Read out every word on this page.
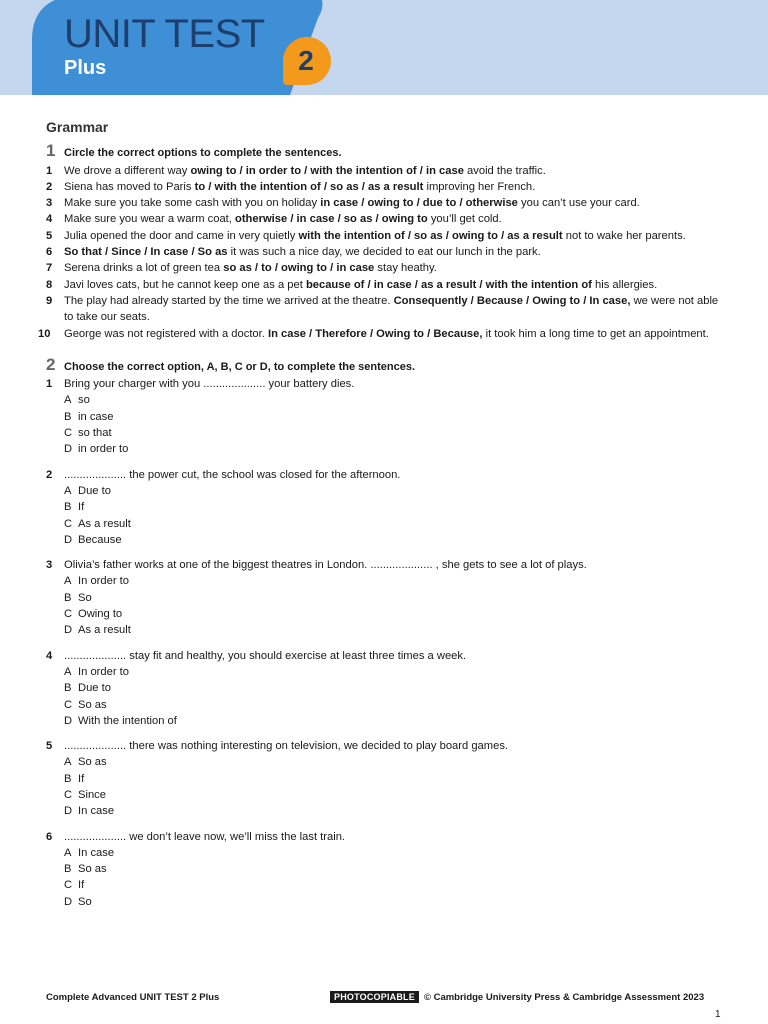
UNIT TEST
Plus	2
Grammar
1 Circle the correct options to complete the sentences.
1	We drove a different way owing to / in order to / with the intention of / in case avoid the traffic.
2	Siena has moved to Paris to / with the intention of / so as / as a result improving her French.
3	Make sure you take some cash with you on holiday in case / owing to / due to / otherwise you can’t use your card.
4	Make sure you wear a warm coat, otherwise / in case / so as / owing to you’ll get cold.
5	Julia opened the door and came in very quietly with the intention of / so as / owing to / as a result not to wake her parents.
6	So that / Since / In case / So as it was such a nice day, we decided to eat our lunch in the park.
7	Serena drinks a lot of green tea so as / to / owing to / in case stay heathy.
8	Javi loves cats, but he cannot keep one as a pet because of / in case / as a result / with the intention of his allergies.
9	The play had already started by the time we arrived at the theatre. Consequently / Because / Owing to / In case, we were not able to take our seats.
10	George was not registered with a doctor. In case / Therefore / Owing to / Because, it took him a long time to get an appointment.
2 Choose the correct option, A, B, C or D, to complete the sentences.
1	Bring your charger with you .................... your battery dies.
A so
B in case
C so that
D in order to
2	.................... the power cut, the school was closed for the afternoon.
A Due to
B If
C As a result
D Because
3	Olivia’s father works at one of the biggest theatres in London. .................... , she gets to see a lot of plays.
A In order to
B So
C Owing to
D As a result
4	.................... stay fit and healthy, you should exercise at least three times a week.
A In order to
B Due to
C So as
D With the intention of
5	.................... there was nothing interesting on television, we decided to play board games.
A So as
B If
C Since
D In case
6	.................... we don’t leave now, we’ll miss the last train.
A In case
B So as
C If
D So
Complete Advanced UNIT TEST 2 Plus	PHOTOCOPIABLE © Cambridge University Press & Cambridge Assessment 2023
1
